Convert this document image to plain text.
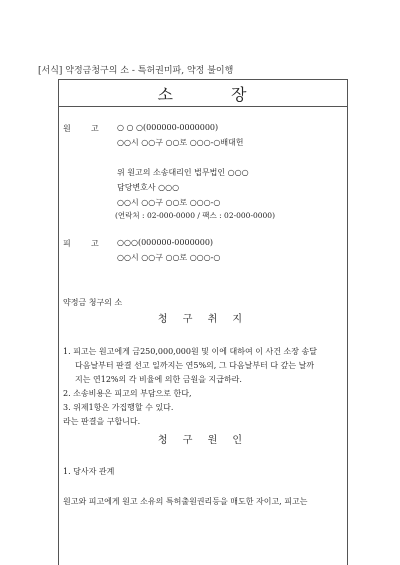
[서식] 약정금청구의 소 - 특허권미파, 약정 불이행
소	장
원	고 ○ ○ ○(000000-0000000)
○○시 ○○구 ○○로 ○○○-○배대헌
위 원고의 소송대리인 법무법인 ○○○
담당변호사 ○○○
○○시 ○○구 ○○로 ○○○-○
(연락처 : 02-000-0000 / 팩스 : 02-000-0000)
피	고 ○○○(000000-0000000)
○○시 ○○구 ○○로 ○○○-○
약정금 청구의 소
청 구 취 지
1. 피고는 원고에게 금250,000,000원 및 이에 대하여 이 사건 소장 송달
다음날부터 판결 선고 일까지는 연5%의, 그 다음날부터 다 갚는 날까
지는 연12%의 각 비율에 의한 금원을 지급하라.
2. 소송비용은 피고의 부담으로 한다,
3. 위제1항은 가집행할 수 있다.
라는 판결을 구합니다.
청 구 원 인
1. 당사자 관계
원고와 피고에게 원고 소유의 특허출원권리등을 매도한 자이고, 피고는
